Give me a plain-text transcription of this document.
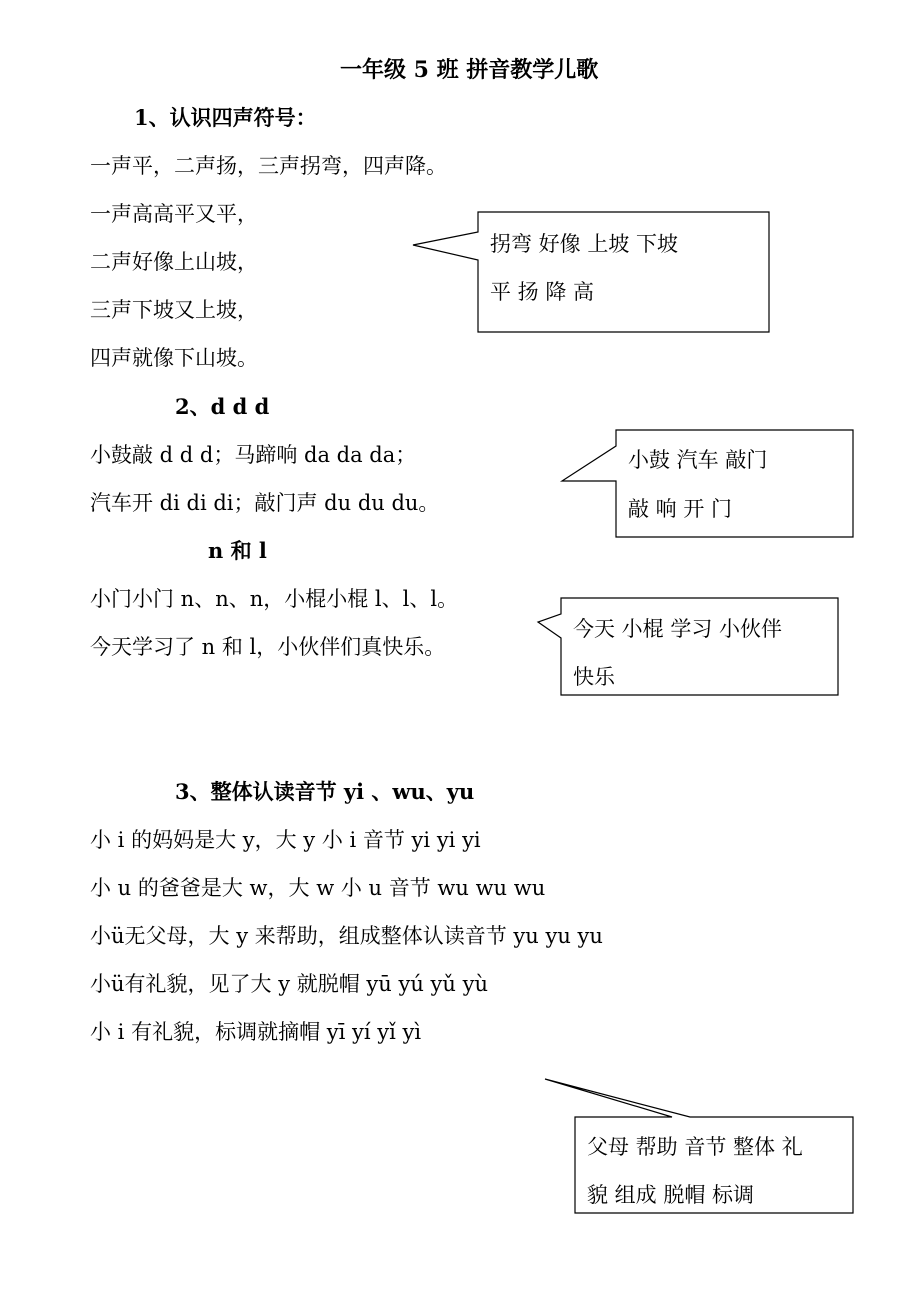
一年级 5 班 拼音教学儿歌
1、认识四声符号：
一声平，二声扬，三声拐弯，四声降。
一声高高平又平，
二声好像上山坡，
三声下坡又上坡，
四声就像下山坡。
拐弯 好像 上坡 下坡
平 扬 降 高
2、d d d
小鼓敲 d d d；马蹄响 da da da；
汽车开 di di di；敲门声 du du du。
小鼓 汽车 敲门
敲 响 开 门
n 和 l
小门小门 n、n、n，小棍小棍 l、l、l。
今天学习了 n 和 l，小伙伴们真快乐。
今天 小棍 学习 小伙伴
快乐
3、整体认读音节 yi 、wu、yu
小 i 的妈妈是大 y，大 y 小 i 音节 yi yi yi
小 u 的爸爸是大 w，大 w 小 u 音节 wu wu wu
小ü无父母，大 y 来帮助，组成整体认读音节 yu yu yu
小ü有礼貌，见了大 y 就脱帽 yū yú yǔ yù
小 i 有礼貌，标调就摘帽 yī yí yǐ yì
父母 帮助 音节 整体 礼
貌 组成 脱帽 标调
